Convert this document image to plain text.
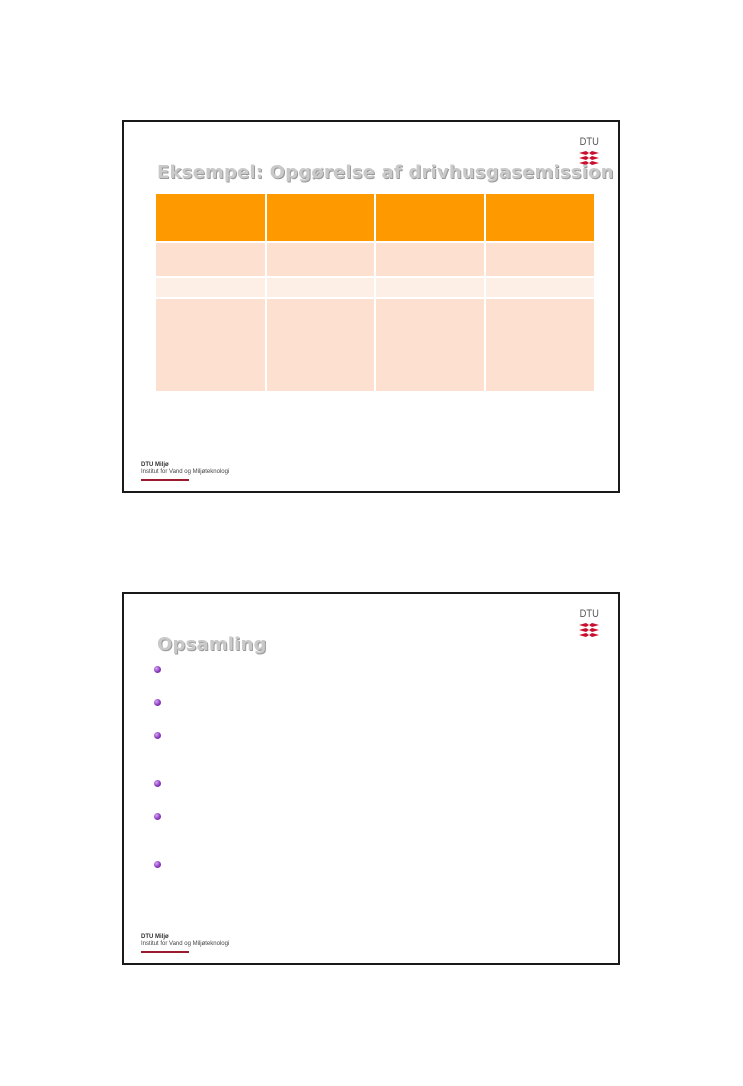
DTU
Eksempel: Opgørelse af drivhusgasemission

DTU Miljø
Institut for Vand og Miljøteknologi
DTU
Opsamling
DTU Miljø
Institut for Vand og Miljøteknologi
